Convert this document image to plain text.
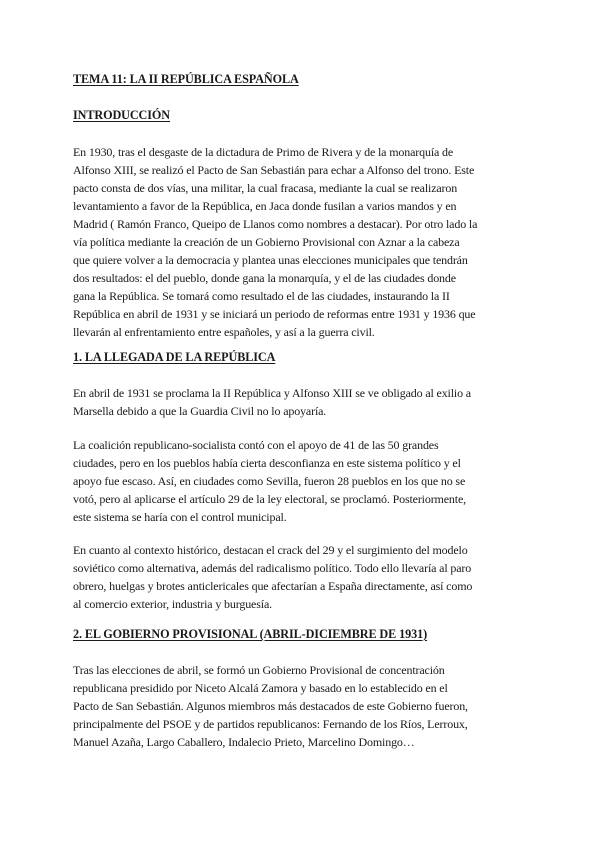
TEMA 11: LA II REPÚBLICA ESPAÑOLA
INTRODUCCIÓN

En 1930, tras el desgaste de la dictadura de Primo de Rivera y de la monarquía de
Alfonso XIII, se realizó el Pacto de San Sebastián para echar a Alfonso del trono. Este
pacto consta de dos vías, una militar, la cual fracasa, mediante la cual se realizaron
levantamiento a favor de la República, en Jaca donde fusilan a varios mandos y en
Madrid ( Ramón Franco, Queipo de Llanos como nombres a destacar). Por otro lado la
vía política mediante la creación de un Gobierno Provisional con Aznar a la cabeza
que quiere volver a la democracia y plantea unas elecciones municipales que tendrán
dos resultados: el del pueblo, donde gana la monarquía, y el de las ciudades donde
gana la República. Se tomará como resultado el de las ciudades, instaurando la II
República en abril de 1931 y se iniciará un periodo de reformas entre 1931 y 1936 que
llevarán al enfrentamiento entre españoles, y así a la guerra civil.

1. LA LLEGADA DE LA REPÚBLICA

En abril de 1931 se proclama la II República y Alfonso XIII se ve obligado al exilio a
Marsella debido a que la Guardia Civil no lo apoyaría.

La coalición republicano-socialista contó con el apoyo de 41 de las 50 grandes
ciudades, pero en los pueblos había cierta desconfianza en este sistema político y el
apoyo fue escaso. Así, en ciudades como Sevilla, fueron 28 pueblos en los que no se
votó, pero al aplicarse el artículo 29 de la ley electoral, se proclamó. Posteriormente,
este sistema se haría con el control municipal.

En cuanto al contexto histórico, destacan el crack del 29 y el surgimiento del modelo
soviético como alternativa, además del radicalismo político. Todo ello llevaría al paro
obrero, huelgas y brotes anticlericales que afectarían a España directamente, así como
al comercio exterior, industria y burguesía.

2. EL GOBIERNO PROVISIONAL (ABRIL-DICIEMBRE DE 1931)

Tras las elecciones de abril, se formó un Gobierno Provisional de concentración
republicana presidido por Niceto Alcalá Zamora y basado en lo establecido en el
Pacto de San Sebastián. Algunos miembros más destacados de este Gobierno fueron,
principalmente del PSOE y de partidos republicanos: Fernando de los Ríos, Lerroux,
Manuel Azaña, Largo Caballero, Indalecio Prieto, Marcelino Domingo…
